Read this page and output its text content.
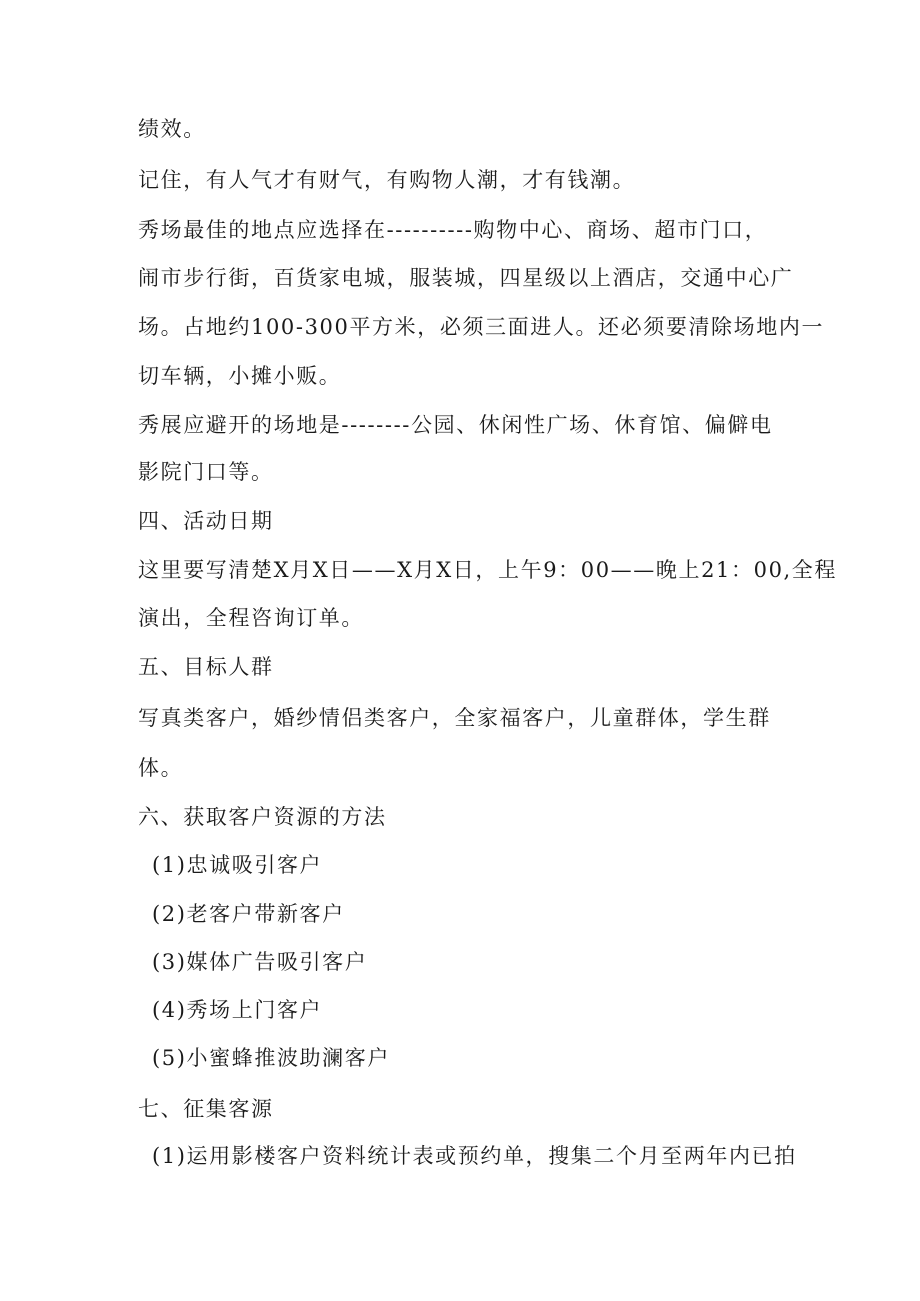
绩效。

记住，有人气才有财气，有购物人潮，才有钱潮。

秀场最佳的地点应选择在----------购物中心、商场、超市门口，

闹市步行街，百货家电城，服装城，四星级以上酒店，交通中心广

场。占地约100-300平方米，必须三面进人。还必须要清除场地内一

切车辆，小摊小贩。

秀展应避开的场地是--------公园、休闲性广场、休育馆、偏僻电

影院门口等。

四、活动日期

这里要写清楚X月X日——X月X日，上午9：00——晚上21：00,全程

演出，全程咨询订单。

五、目标人群

写真类客户，婚纱情侣类客户，全家福客户，儿童群体，学生群

体。

六、获取客户资源的方法

(1)忠诚吸引客户

(2)老客户带新客户

(3)媒体广告吸引客户

(4)秀场上门客户

(5)小蜜蜂推波助澜客户

七、征集客源

(1)运用影楼客户资料统计表或预约单，搜集二个月至两年内已拍
